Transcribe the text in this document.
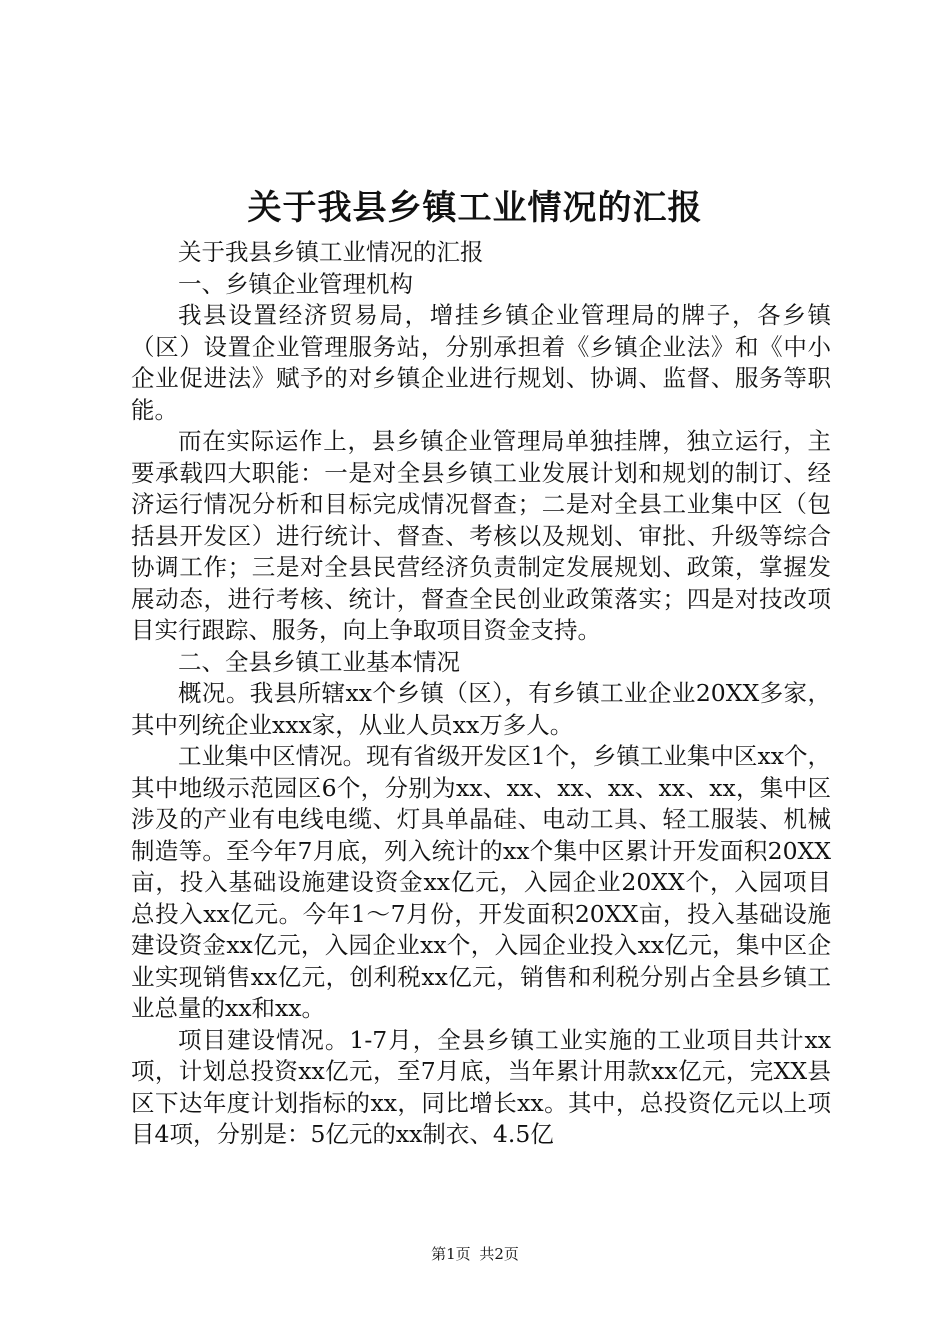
关于我县乡镇工业情况的汇报

关于我县乡镇工业情况的汇报

一、乡镇企业管理机构

我县设置经济贸易局，增挂乡镇企业管理局的牌子，各乡镇（区）设置企业管理服务站，分别承担着《乡镇企业法》和《中小企业促进法》赋予的对乡镇企业进行规划、协调、监督、服务等职能。

而在实际运作上，县乡镇企业管理局单独挂牌，独立运行，主要承载四大职能：一是对全县乡镇工业发展计划和规划的制订、经济运行情况分析和目标完成情况督查；二是对全县工业集中区（包括县开发区）进行统计、督查、考核以及规划、审批、升级等综合协调工作；三是对全县民营经济负责制定发展规划、政策，掌握发展动态，进行考核、统计，督查全民创业政策落实；四是对技改项目实行跟踪、服务，向上争取项目资金支持。

二、全县乡镇工业基本情况

概况。我县所辖xx个乡镇（区），有乡镇工业企业20XX多家，其中列统企业xxx家，从业人员xx万多人。

工业集中区情况。现有省级开发区1个，乡镇工业集中区xx个，其中地级示范园区6个，分别为xx、xx、xx、xx、xx、xx，集中区涉及的产业有电线电缆、灯具单晶硅、电动工具、轻工服装、机械制造等。至今年7月底，列入统计的xx个集中区累计开发面积20XX亩，投入基础设施建设资金xx亿元，入园企业20XX个，入园项目总投入xx亿元。今年1～7月份，开发面积20XX亩，投入基础设施建设资金xx亿元，入园企业xx个，入园企业投入xx亿元，集中区企业实现销售xx亿元，创利税xx亿元，销售和利税分别占全县乡镇工业总量的xx和xx。

项目建设情况。1-7月，全县乡镇工业实施的工业项目共计xx项，计划总投资xx亿元，至7月底，当年累计用款xx亿元，完XX县区下达年度计划指标的xx，同比增长xx。其中，总投资亿元以上项目4项，分别是：5亿元的xx制衣、4.5亿

第1页 共2页
